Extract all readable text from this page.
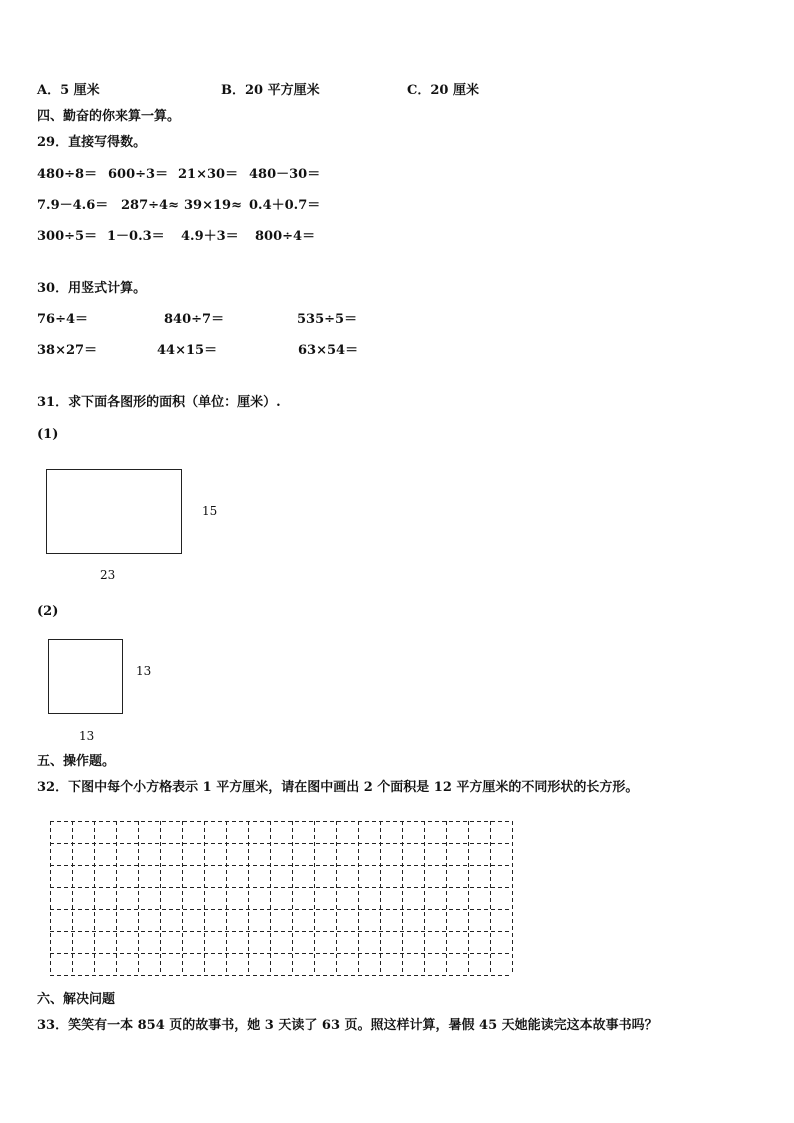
A．5 厘米	B．20 平方厘米	C．20 厘米
四、勤奋的你来算一算。
29．直接写得数。
480÷8＝ 600÷3＝ 21×30＝ 480－30＝
7.9－4.6＝ 287÷4≈ 39×19≈ 0.4＋0.7＝
300÷5＝ 1－0.3＝ 4.9＋3＝ 800÷4＝
30．用竖式计算。
76÷4＝	840÷7＝	535÷5＝
38×27＝	44×15＝	63×54＝
31．求下面各图形的面积（单位：厘米）.
(1)
15
23
(2)
13
13
五、操作题。
32．下图中每个小方格表示 1 平方厘米，请在图中画出 2 个面积是 12 平方厘米的不同形状的长方形。
六、解决问题
33．笑笑有一本 854 页的故事书，她 3 天读了 63 页。照这样计算，暑假 45 天她能读完这本故事书吗？
